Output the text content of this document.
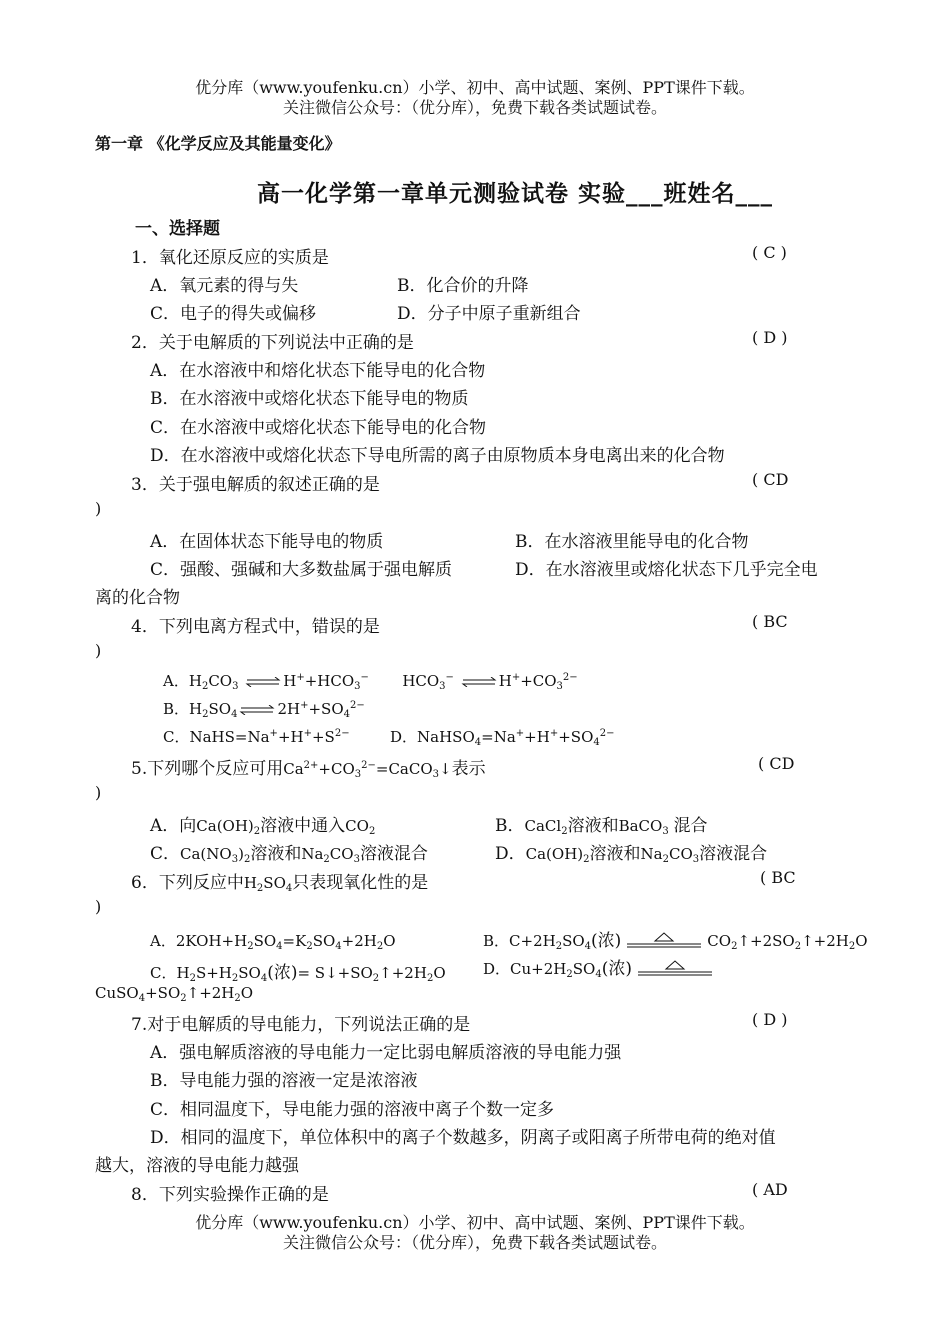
优分库（www.youfenku.cn）小学、初中、高中试题、案例、PPT课件下载。
关注微信公众号：（优分库），免费下载各类试题试卷。
第一章 《化学反应及其能量变化》
高一化学第一章单元测验试卷 实验___班姓名___
一、选择题
1．氧化还原反应的实质是	( C )
A．氧元素的得与失	B．化合价的升降
C．电子的得失或偏移	D．分子中原子重新组合
2．关于电解质的下列说法中正确的是	( D )
A．在水溶液中和熔化状态下能导电的化合物
B．在水溶液中或熔化状态下能导电的物质
C．在水溶液中或熔化状态下能导电的化合物
D．在水溶液中或熔化状态下导电所需的离子由原物质本身电离出来的化合物
3．关于强电解质的叙述正确的是	( CD
)
A．在固体状态下能导电的物质	B．在水溶液里能导电的化合物
C．强酸、强碱和大多数盐属于强电解质	D．在水溶液里或熔化状态下几乎完全电
离的化合物
4．下列电离方程式中，错误的是	( BC
)
A．$H_2CO_3$ ⇌ $H^++HCO_3^-$       $HCO_3^-$ ⇌ $H^++CO_3^{2-}$
B．$H_2SO_4$ ⇌ $2H^++SO_4^{2-}$
C．$NaHS=Na^++H^++S^{2-}$	D．$NaHSO_4=Na^++H^++SO_4^{2-}$
5.下列哪个反应可用$Ca^{2+}+CO_3^{2-}=CaCO_3↓$表示	( CD
)
A．向$Ca(OH)_2$溶液中通入$CO_2$	B．CaCl$_2$溶液和BaCO$_3$ 混合
C．$Ca(NO_3)_2$溶液和$Na_2CO_3$溶液混合	D．$Ca(OH)_2$溶液和$Na_2CO_3$溶液混合
6．下列反应中$H_2SO_4$只表现氧化性的是	( BC
)
A．$2KOH+H_2SO_4=K_2SO_4+2H_2O$	B．$C+2H_2SO_4$(浓)	$CO_2↑+2SO_2↑+2H_2O$
C．$H_2S+H_2SO_4$(浓)= $S↓+SO_2↑+2H_2O$ D．$Cu+2H_2SO_4$(浓)
$CuSO_4+SO_2↑+2H_2O$
7.对于电解质的导电能力，下列说法正确的是	( D )
A．强电解质溶液的导电能力一定比弱电解质溶液的导电能力强
B．导电能力强的溶液一定是浓溶液
C．相同温度下，导电能力强的溶液中离子个数一定多
D．相同的温度下，单位体积中的离子个数越多，阴离子或阳离子所带电荷的绝对值
越大，溶液的导电能力越强
8．下列实验操作正确的是	( AD
优分库（www.youfenku.cn）小学、初中、高中试题、案例、PPT课件下载。
关注微信公众号：（优分库），免费下载各类试题试卷。
